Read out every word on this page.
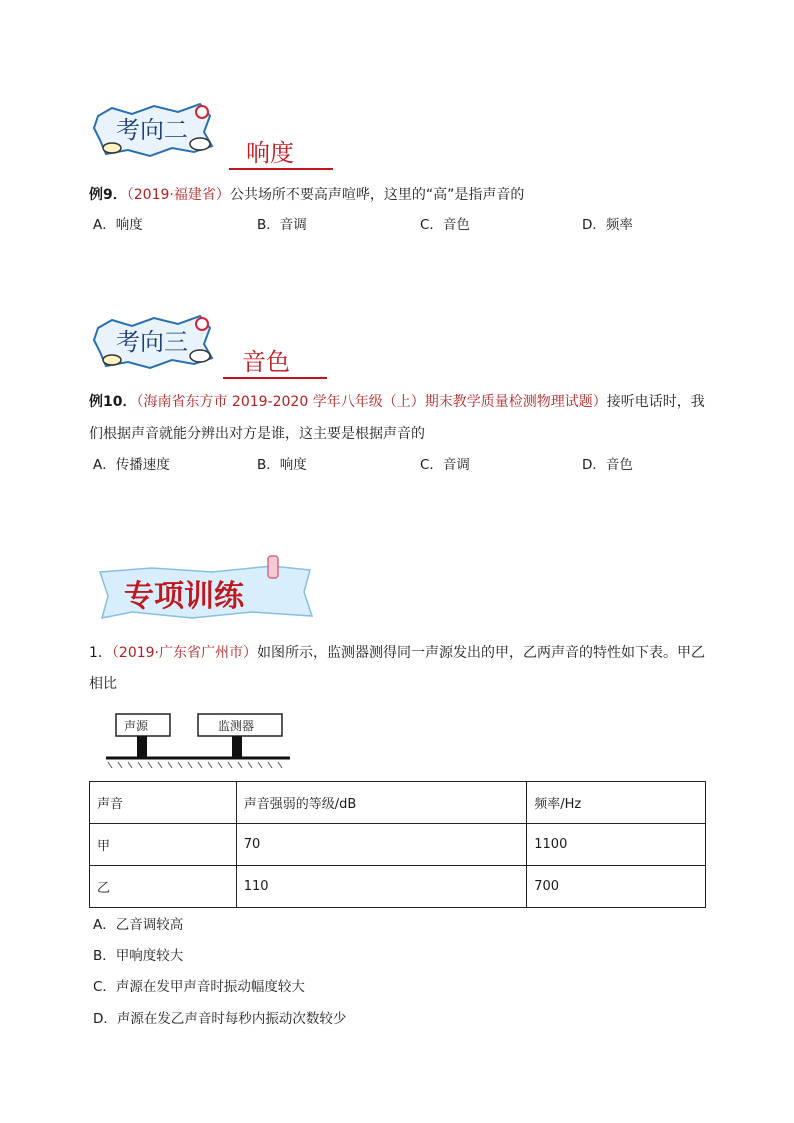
考向二
响度
例9．（2019·福建省）公共场所不要高声喧哗，这里的“高”是指声音的
A．响度	B．音调	C．音色	D．频率
考向三
音色
例10．（海南省东方市 2019-2020 学年八年级（上）期末教学质量检测物理试题）接听电话时，我
们根据声音就能分辨出对方是谁，这主要是根据声音的
A．传播速度	B．响度	C．音调	D．音色
专项训练
1．（2019·广东省广州市）如图所示，监测器测得同一声源发出的甲，乙两声音的特性如下表。甲乙
相比
声源	监测器
声音	声音强弱的等级/dB	频率/Hz
甲	70	1100
乙	110	700
A．乙音调较高
B．甲响度较大
C．声源在发甲声音时振动幅度较大
D．声源在发乙声音时每秒内振动次数较少
